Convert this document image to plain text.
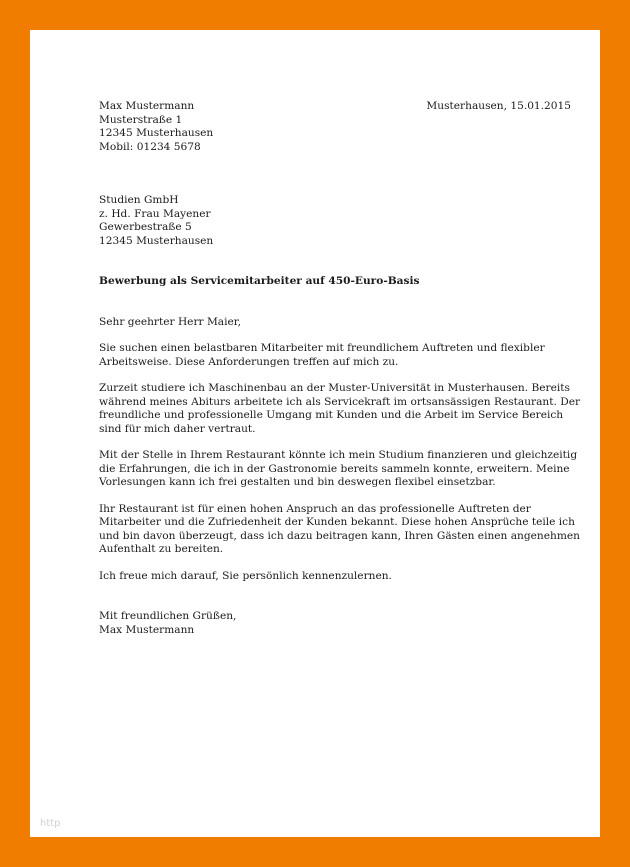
Max Mustermann	Musterhausen, 15.01.2015
Musterstraße 1
12345 Musterhausen
Mobil: 01234 5678
Studien GmbH
z. Hd. Frau Mayener
Gewerbestraße 5
12345 Musterhausen
Bewerbung als Servicemitarbeiter auf 450-Euro-Basis
Sehr geehrter Herr Maier,
Sie suchen einen belastbaren Mitarbeiter mit freundlichem Auftreten und flexibler
Arbeitsweise. Diese Anforderungen treffen auf mich zu.
Zurzeit studiere ich Maschinenbau an der Muster-Universität in Musterhausen. Bereits
während meines Abiturs arbeitete ich als Servicekraft im ortsansässigen Restaurant. Der
freundliche und professionelle Umgang mit Kunden und die Arbeit im Service Bereich
sind für mich daher vertraut.
Mit der Stelle in Ihrem Restaurant könnte ich mein Studium finanzieren und gleichzeitig
die Erfahrungen, die ich in der Gastronomie bereits sammeln konnte, erweitern. Meine
Vorlesungen kann ich frei gestalten und bin deswegen flexibel einsetzbar.
Ihr Restaurant ist für einen hohen Anspruch an das professionelle Auftreten der
Mitarbeiter und die Zufriedenheit der Kunden bekannt. Diese hohen Ansprüche teile ich
und bin davon überzeugt, dass ich dazu beitragen kann, Ihren Gästen einen angenehmen
Aufenthalt zu bereiten.
Ich freue mich darauf, Sie persönlich kennenzulernen.
Mit freundlichen Grüßen,
Max Mustermann
http
